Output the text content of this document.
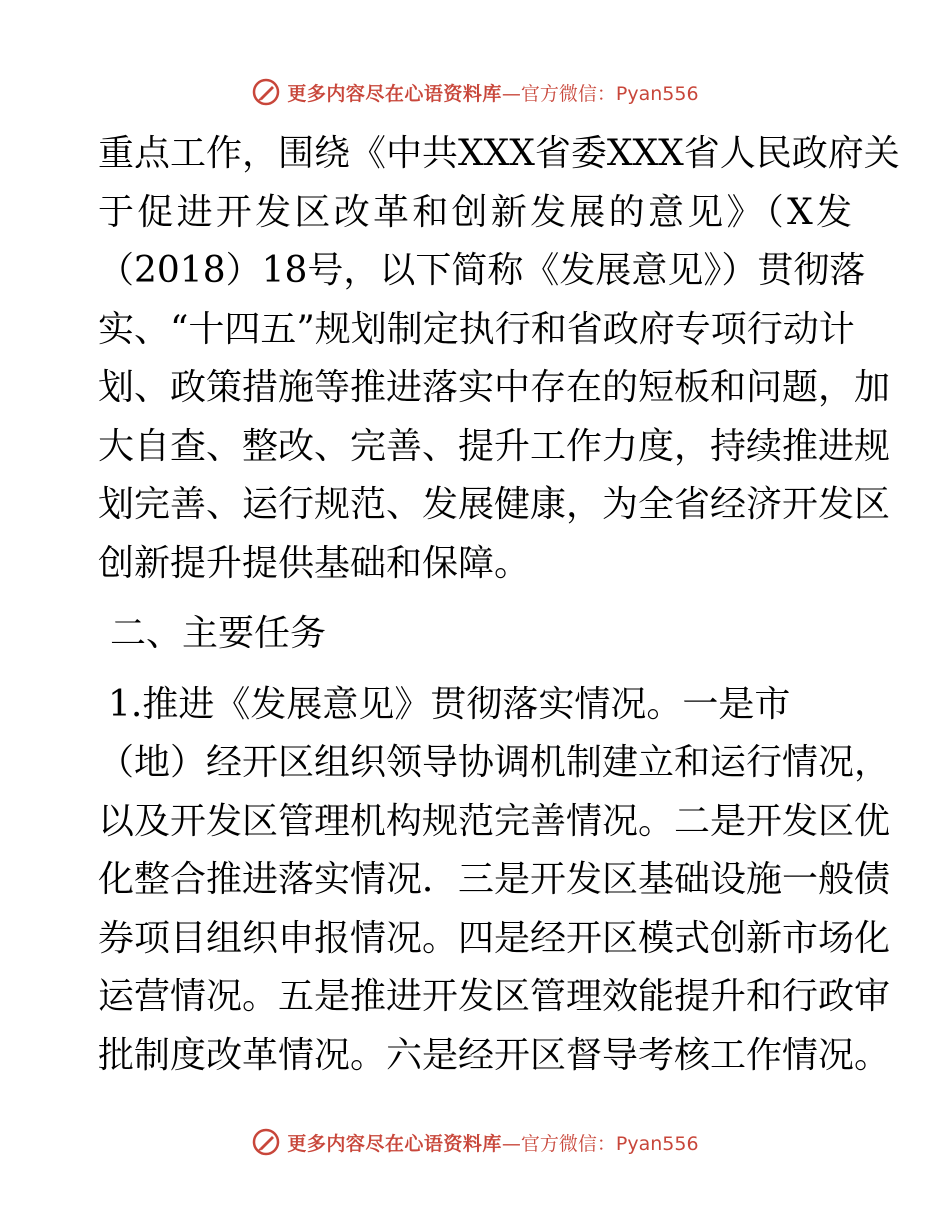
更多内容尽在心语资料库 —官方微信：Pyan556
重点工作，围绕《中共XXX省委XXX省人民政府关
于促进开发区改革和创新发展的意见》（X发
（2018）18号，以下简称《发展意见》）贯彻落
实、“十四五”规划制定执行和省政府专项行动计
划、政策措施等推进落实中存在的短板和问题，加
大自查、整改、完善、提升工作力度，持续推进规
划完善、运行规范、发展健康，为全省经济开发区
创新提升提供基础和保障。
二、主要任务
1.推进《发展意见》贯彻落实情况。一是市
（地）经开区组织领导协调机制建立和运行情况，
以及开发区管理机构规范完善情况。二是开发区优
化整合推进落实情况．三是开发区基础设施一般债
券项目组织申报情况。四是经开区模式创新市场化
运营情况。五是推进开发区管理效能提升和行政审
批制度改革情况。六是经开区督导考核工作情况。
更多内容尽在心语资料库 —官方微信：Pyan556
